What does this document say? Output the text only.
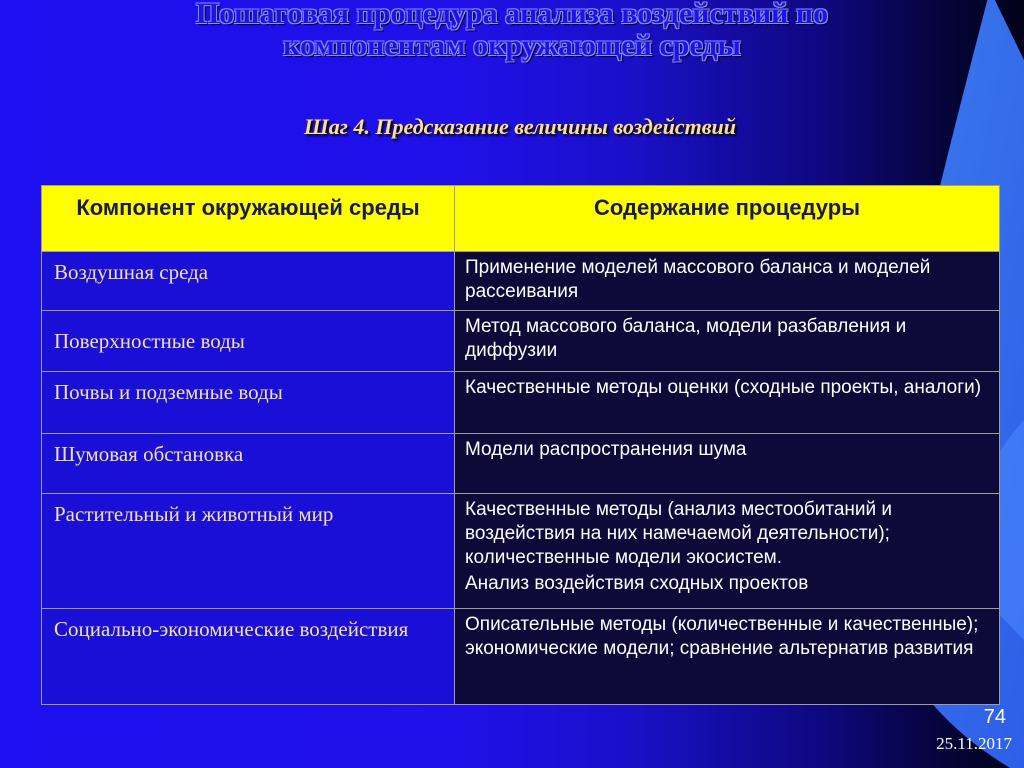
Пошаговая процедура анализа воздействий по
компонентам окружающей среды
Шаг 4. Предсказание величины воздействий
Компонент окружающей среды	Содержание процедуры
Воздушная среда	Применение моделей массового баланса и моделей рассеивания

Поверхностные воды	Метод массового баланса, модели разбавления и диффузии

Почвы и подземные воды	Качественные методы оценки (сходные проекты, аналоги)

Шумовая обстановка	Модели распространения шума

Растительный и животный мир	Качественные методы (анализ местообитаний и воздействия на них намечаемой деятельности); количественные модели экосистем.
Анализ воздействия сходных проектов

Социально-экономические воздействия	Описательные методы (количественные и качественные); экономические модели; сравнение альтернатив развития
74
25.11.2017
